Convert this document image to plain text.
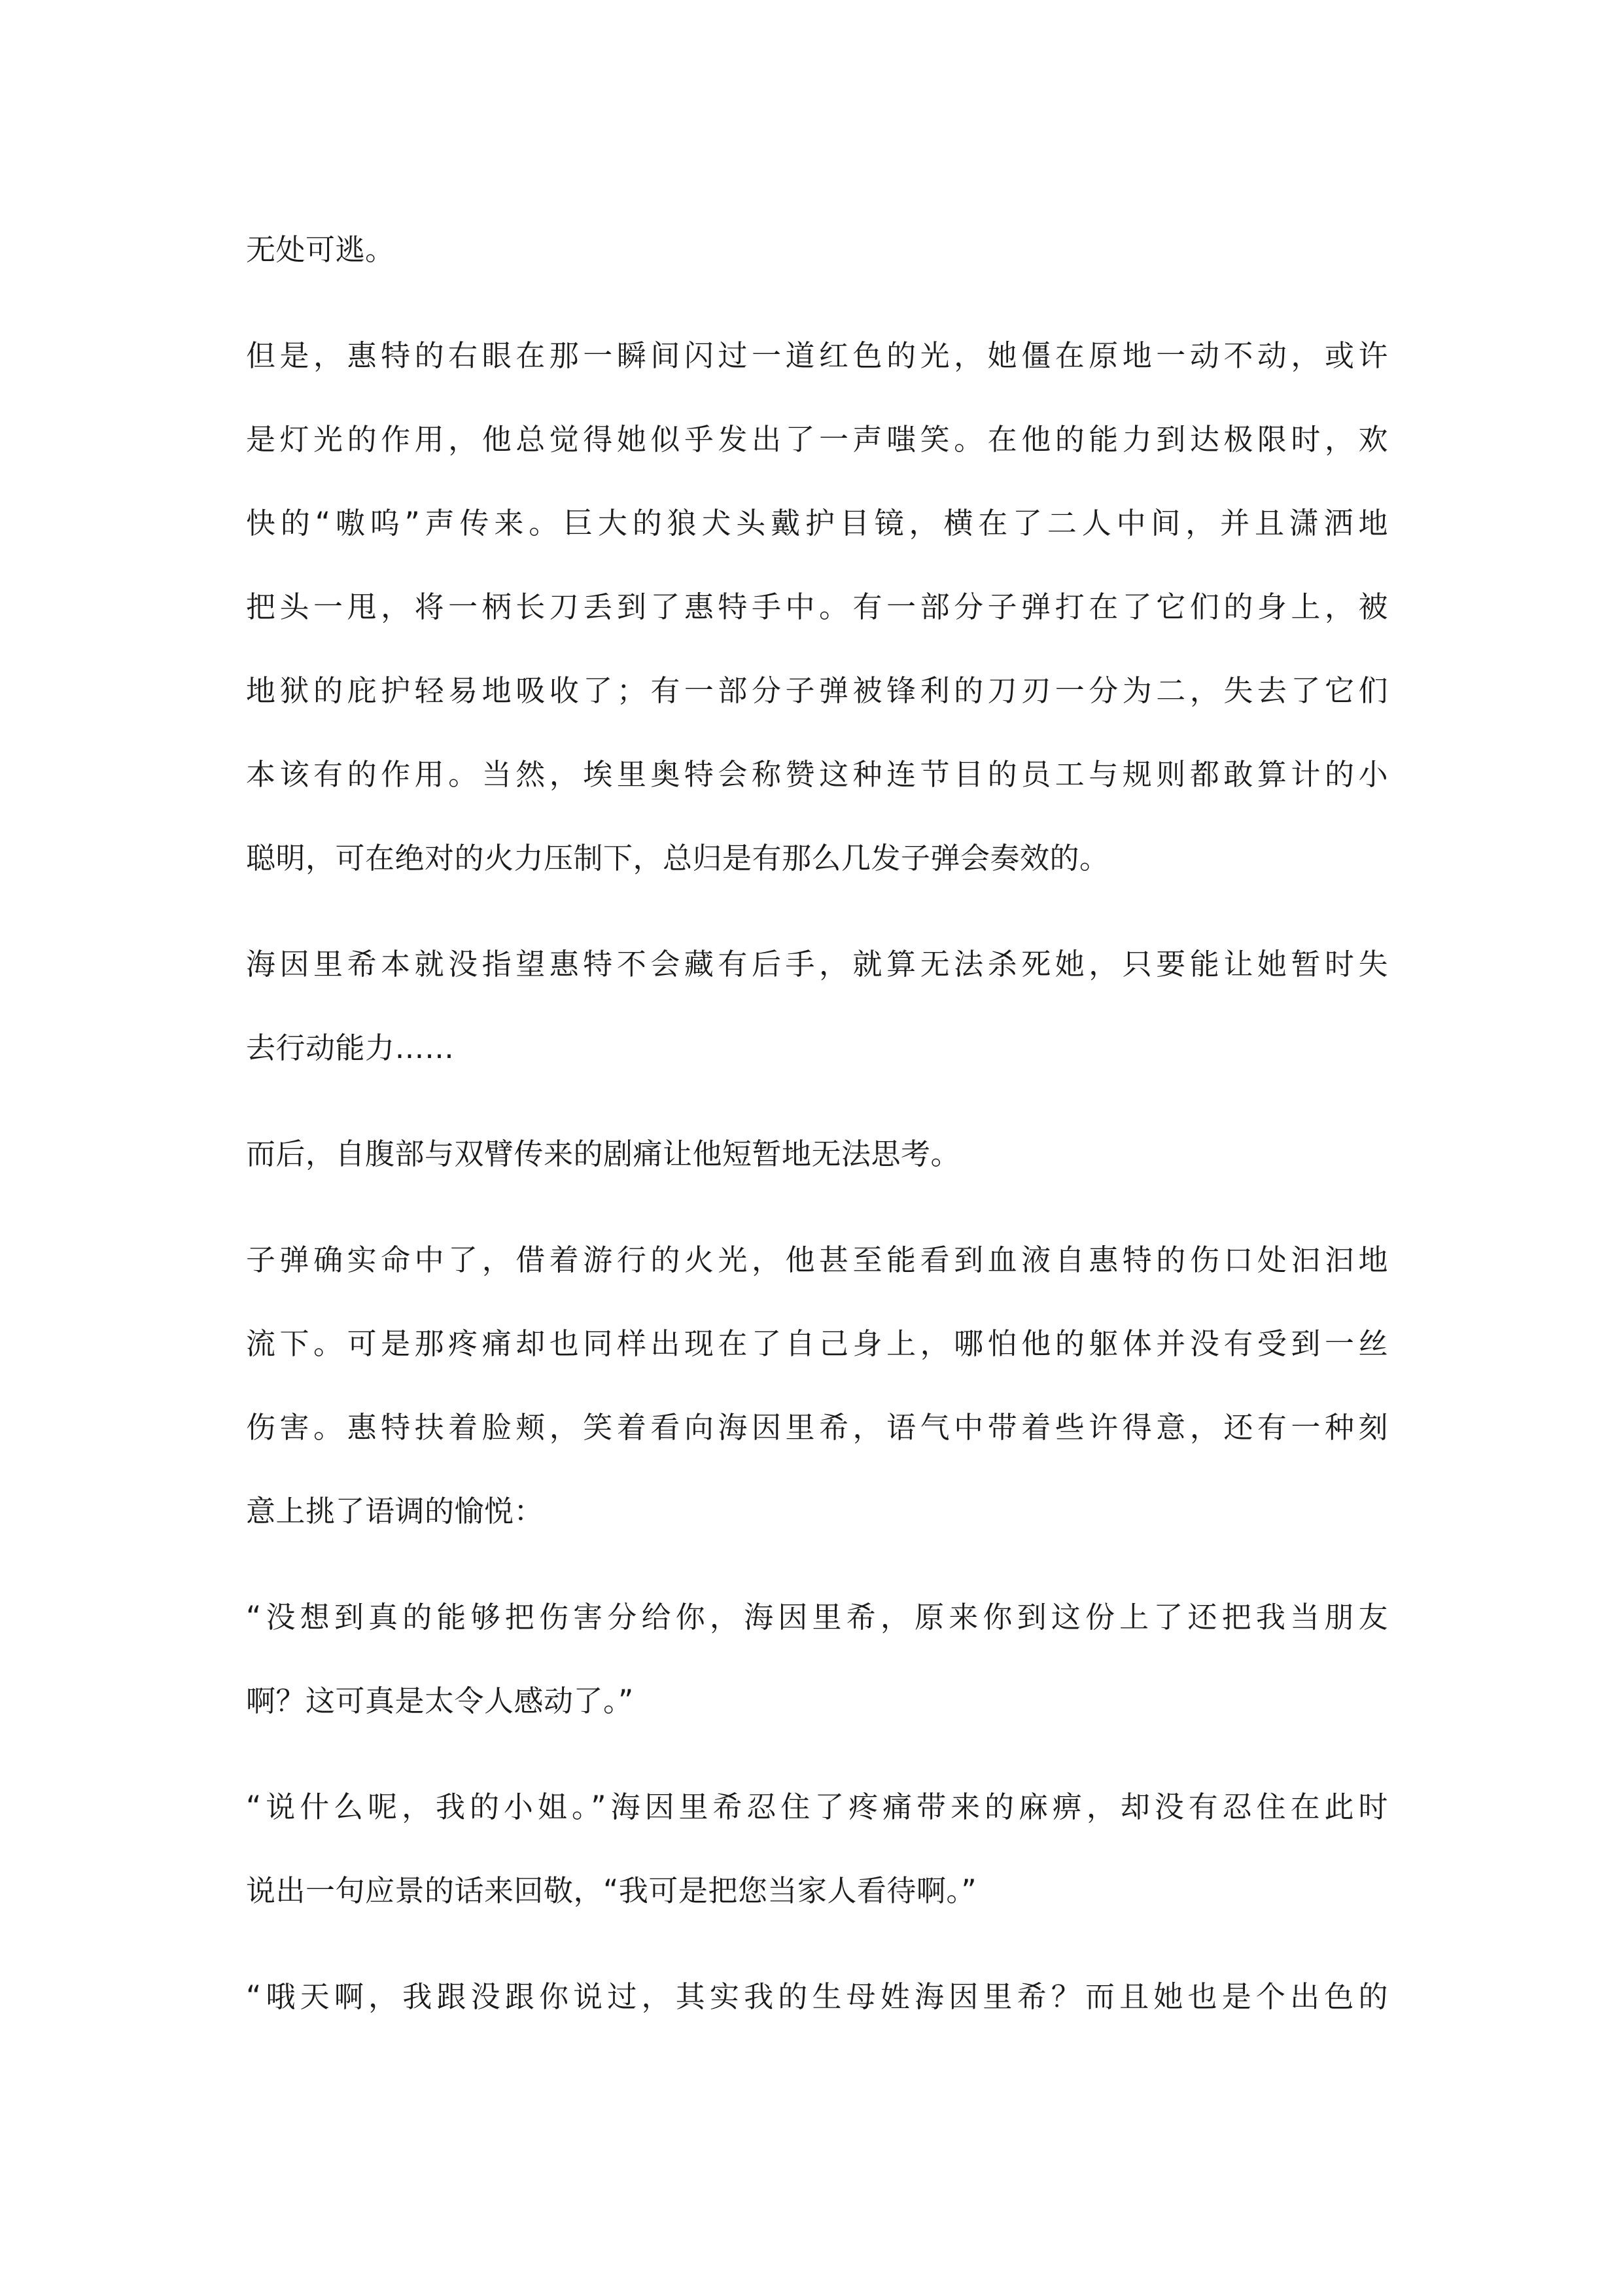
无处可逃。
但是，惠特的右眼在那一瞬间闪过一道红色的光，她僵在原地一动不动，或许
是灯光的作用，他总觉得她似乎发出了一声嗤笑。在他的能力到达极限时，欢
快的“嗷呜”声传来。巨大的狼犬头戴护目镜，横在了二人中间，并且潇洒地
把头一甩，将一柄长刀丢到了惠特手中。有一部分子弹打在了它们的身上，被
地狱的庇护轻易地吸收了；有一部分子弹被锋利的刀刃一分为二，失去了它们
本该有的作用。当然，埃里奥特会称赞这种连节目的员工与规则都敢算计的小
聪明，可在绝对的火力压制下，总归是有那么几发子弹会奏效的。
海因里希本就没指望惠特不会藏有后手，就算无法杀死她，只要能让她暂时失
去行动能力……
而后，自腹部与双臂传来的剧痛让他短暂地无法思考。
子弹确实命中了，借着游行的火光，他甚至能看到血液自惠特的伤口处汩汩地
流下。可是那疼痛却也同样出现在了自己身上，哪怕他的躯体并没有受到一丝
伤害。惠特扶着脸颊，笑着看向海因里希，语气中带着些许得意，还有一种刻
意上挑了语调的愉悦：
“没想到真的能够把伤害分给你，海因里希，原来你到这份上了还把我当朋友
啊？这可真是太令人感动了。”
“说什么呢，我的小姐。”海因里希忍住了疼痛带来的麻痹，却没有忍住在此时
说出一句应景的话来回敬，“我可是把您当家人看待啊。”
“哦天啊，我跟没跟你说过，其实我的生母姓海因里希？而且她也是个出色的
